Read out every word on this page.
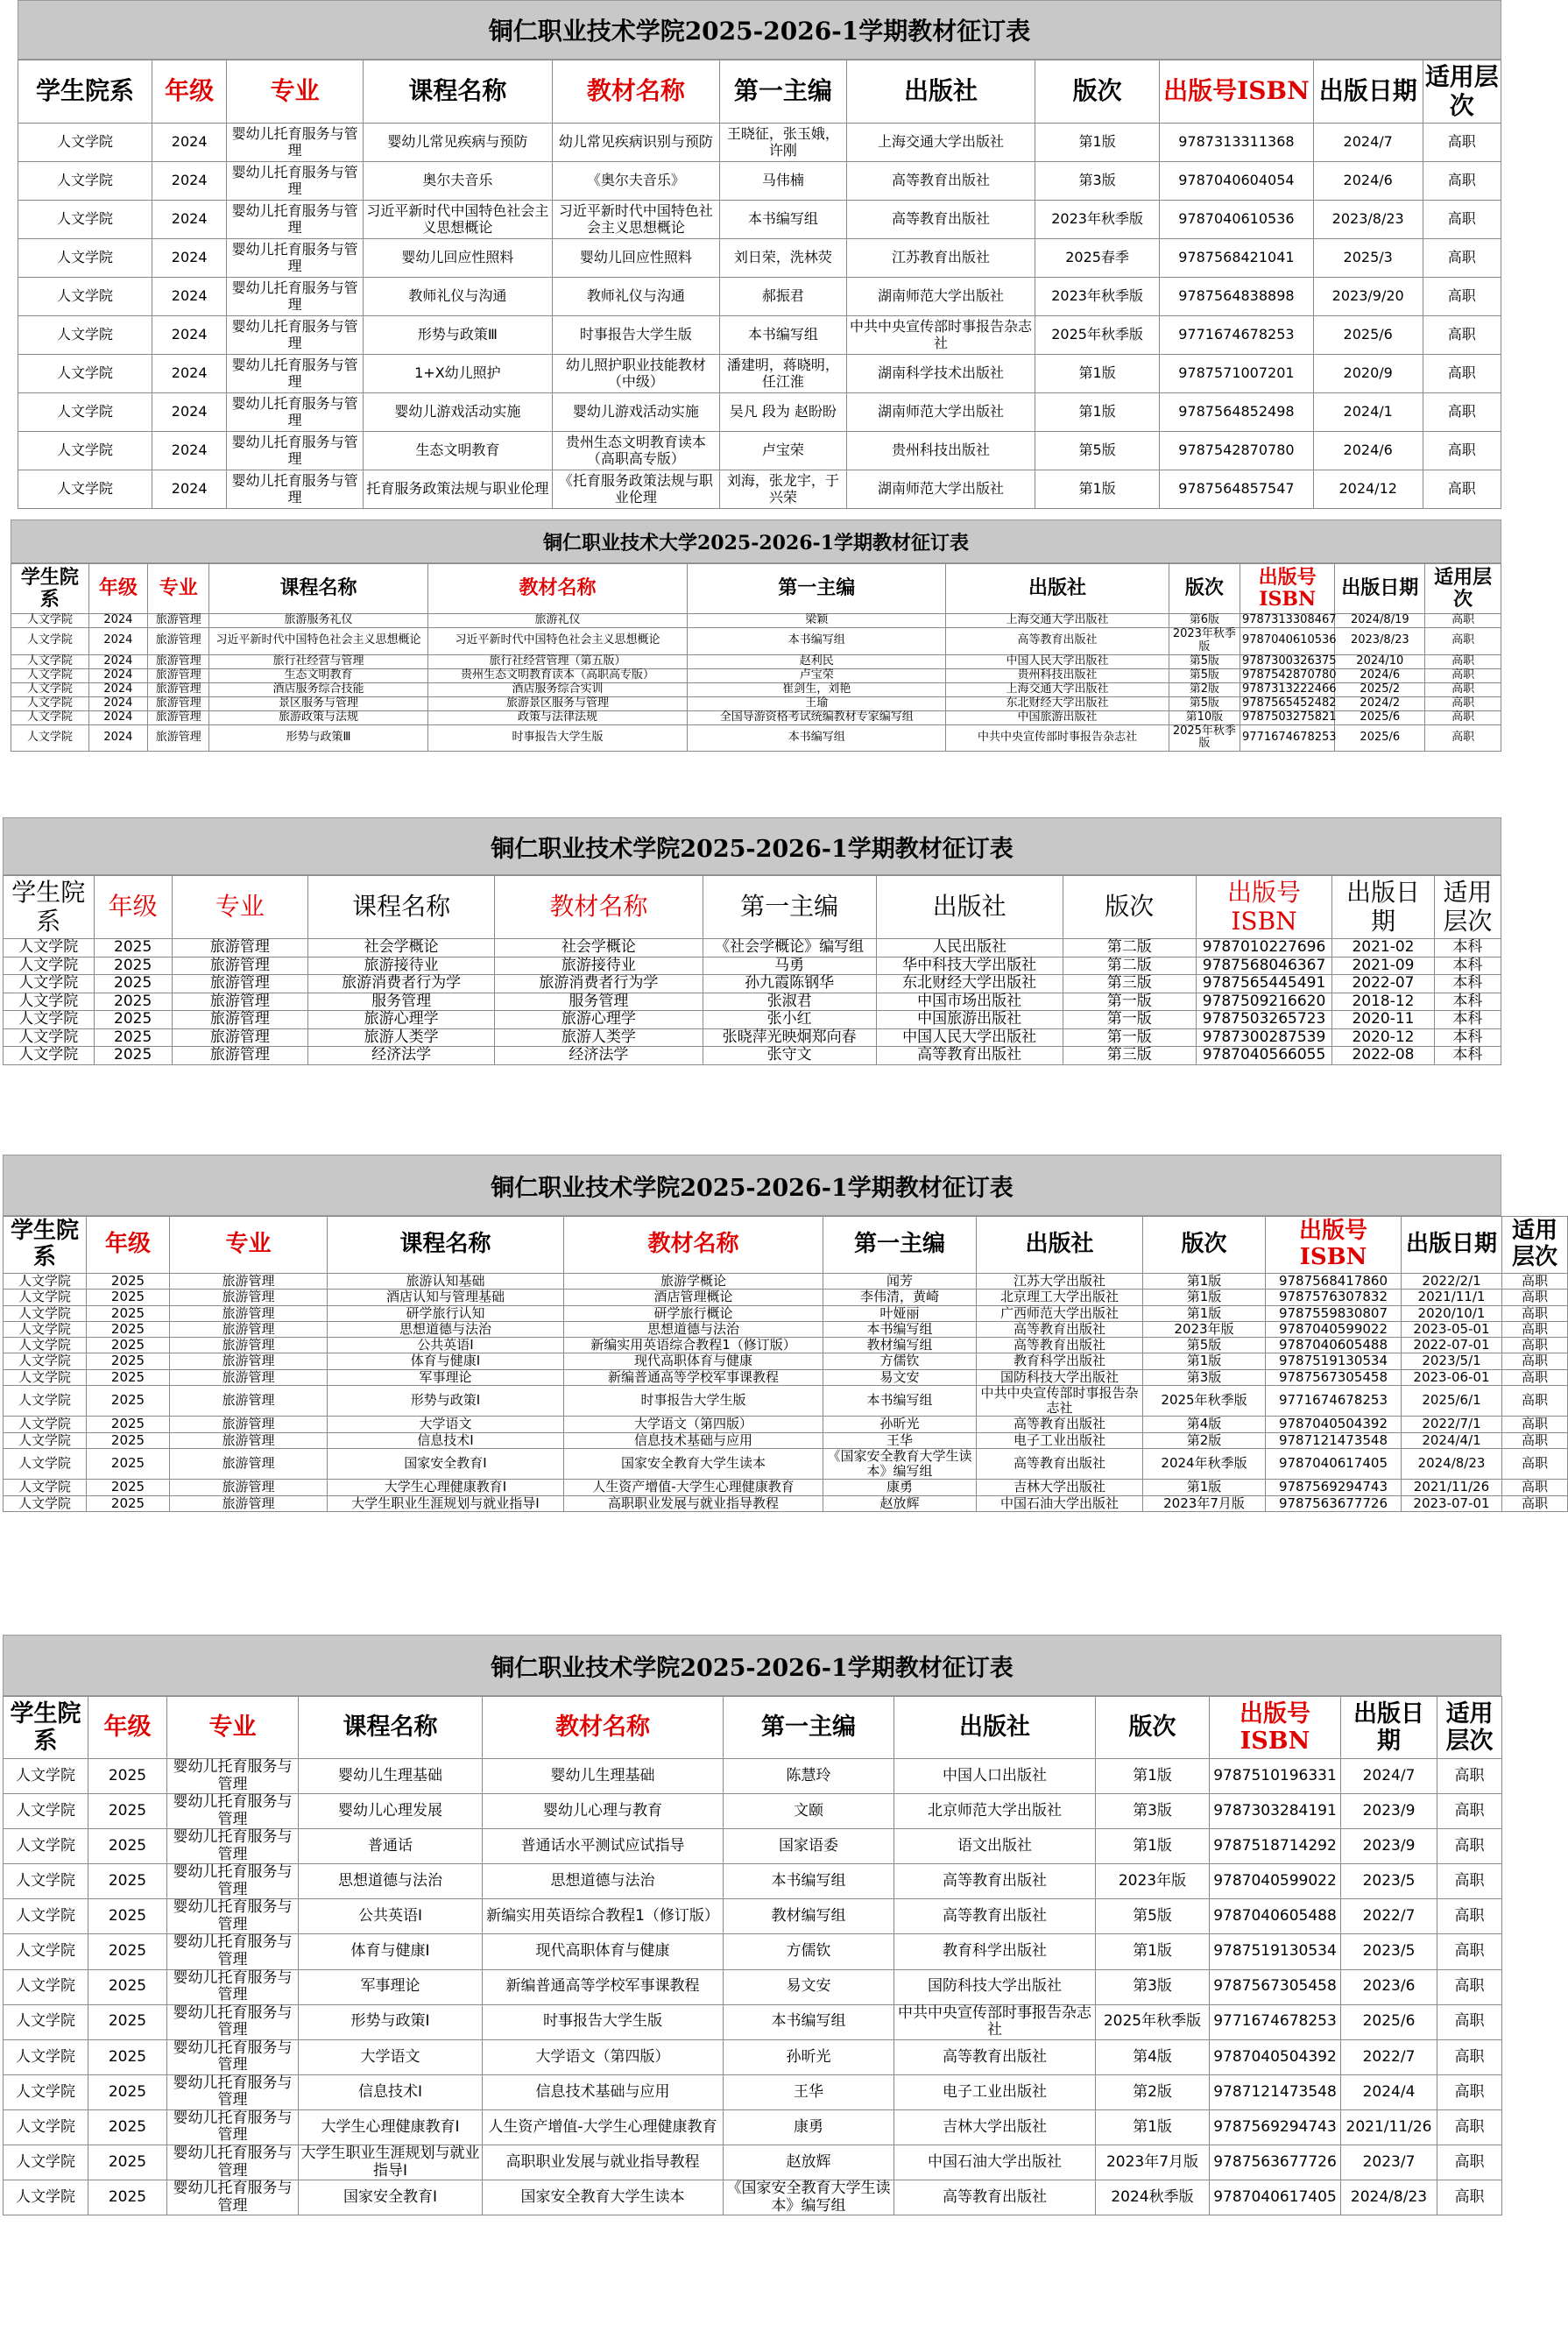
铜仁职业技术学院2025-2026-1学期教材征订表
学生院系	年级	专业	课程名称	教材名称	第一主编	出版社	版次	出版号ISBN	出版日期	适用层次
人文学院	2024	婴幼儿托育服务与管理	婴幼儿常见疾病与预防	幼儿常见疾病识别与预防	王晓征，张玉娥，许刚	上海交通大学出版社	第1版	9787313311368	2024/7	高职
人文学院	2024	婴幼儿托育服务与管理	奥尔夫音乐	《奥尔夫音乐》	马伟楠	高等教育出版社	第3版	9787040604054	2024/6	高职
人文学院	2024	婴幼儿托育服务与管理	习近平新时代中国特色社会主义思想概论	习近平新时代中国特色社会主义思想概论	本书编写组	高等教育出版社	2023年秋季版	9787040610536	2023/8/23	高职
人文学院	2024	婴幼儿托育服务与管理	婴幼儿回应性照料	婴幼儿回应性照料	刘日荣，洗林荧	江苏教育出版社	2025春季	9787568421041	2025/3	高职
人文学院	2024	婴幼儿托育服务与管理	教师礼仪与沟通	教师礼仪与沟通	郝振君	湖南师范大学出版社	2023年秋季版	9787564838898	2023/9/20	高职
人文学院	2024	婴幼儿托育服务与管理	形势与政策Ⅲ	时事报告大学生版	本书编写组	中共中央宣传部时事报告杂志社	2025年秋季版	9771674678253	2025/6	高职
人文学院	2024	婴幼儿托育服务与管理	1+X幼儿照护	幼儿照护职业技能教材（中级）	潘建明，蒋晓明，任江淮	湖南科学技术出版社	第1版	9787571007201	2020/9	高职
人文学院	2024	婴幼儿托育服务与管理	婴幼儿游戏活动实施	婴幼儿游戏活动实施	吴凡 段为 赵盼盼	湖南师范大学出版社	第1版	9787564852498	2024/1	高职
人文学院	2024	婴幼儿托育服务与管理	生态文明教育	贵州生态文明教育读本（高职高专版）	卢宝荣	贵州科技出版社	第5版	9787542870780	2024/6	高职
人文学院	2024	婴幼儿托育服务与管理	托育服务政策法规与职业伦理	《托育服务政策法规与职业伦理	刘海，张龙宇，于兴荣	湖南师范大学出版社	第1版	9787564857547	2024/12	高职
铜仁职业技术大学2025-2026-1学期教材征订表
学生院系	年级	专业	课程名称	教材名称	第一主编	出版社	版次	出版号ISBN	出版日期	适用层次
人文学院	2024	旅游管理	旅游服务礼仪	旅游礼仪	梁颖	上海交通大学出版社	第6版	9787313308467	2024/8/19	高职
人文学院	2024	旅游管理	习近平新时代中国特色社会主义思想概论	习近平新时代中国特色社会主义思想概论	本书编写组	高等教育出版社	2023年秋季版	9787040610536	2023/8/23	高职
人文学院	2024	旅游管理	旅行社经营与管理	旅行社经营管理（第五版）	赵利民	中国人民大学出版社	第5版	9787300326375	2024/10	高职
人文学院	2024	旅游管理	生态文明教育	贵州生态文明教育读本（高职高专版）	卢宝荣	贵州科技出版社	第5版	9787542870780	2024/6	高职
人文学院	2024	旅游管理	酒店服务综合技能	酒店服务综合实训	崔剑生，刘艳	上海交通大学出版社	第2版	9787313222466	2025/2	高职
人文学院	2024	旅游管理	景区服务与管理	旅游景区服务与管理	王瑜	东北财经大学出版社	第5版	9787565452482	2024/2	高职
人文学院	2024	旅游管理	旅游政策与法规	政策与法律法规	全国导游资格考试统编教材专家编写组	中国旅游出版社	第10版	9787503275821	2025/6	高职
人文学院	2024	旅游管理	形势与政策Ⅲ	时事报告大学生版	本书编写组	中共中央宣传部时事报告杂志社	2025年秋季版	9771674678253	2025/6	高职
铜仁职业技术学院2025-2026-1学期教材征订表
学生院系	年级	专业	课程名称	教材名称	第一主编	出版社	版次	出版号ISBN	出版日期	适用层次
人文学院	2025	旅游管理	社会学概论	社会学概论	《社会学概论》编写组	人民出版社	第二版	9787010227696	2021-02	本科
人文学院	2025	旅游管理	旅游接待业	旅游接待业	马勇	华中科技大学出版社	第二版	9787568046367	2021-09	本科
人文学院	2025	旅游管理	旅游消费者行为学	旅游消费者行为学	孙九霞陈钢华	东北财经大学出版社	第三版	9787565445491	2022-07	本科
人文学院	2025	旅游管理	服务管理	服务管理	张淑君	中国市场出版社	第一版	9787509216620	2018-12	本科
人文学院	2025	旅游管理	旅游心理学	旅游心理学	张小红	中国旅游出版社	第一版	9787503265723	2020-11	本科
人文学院	2025	旅游管理	旅游人类学	旅游人类学	张晓萍光映炯郑向春	中国人民大学出版社	第一版	9787300287539	2020-12	本科
人文学院	2025	旅游管理	经济法学	经济法学	张守文	高等教育出版社	第三版	9787040566055	2022-08	本科
铜仁职业技术学院2025-2026-1学期教材征订表
学生院系	年级	专业	课程名称	教材名称	第一主编	出版社	版次	出版号ISBN	出版日期	适用层次
人文学院	2025	旅游管理	旅游认知基础	旅游学概论	闻芳	江苏大学出版社	第1版	9787568417860	2022/2/1	高职
人文学院	2025	旅游管理	酒店认知与管理基础	酒店管理概论	李伟清，黄崎	北京理工大学出版社	第1版	9787576307832	2021/11/1	高职
人文学院	2025	旅游管理	研学旅行认知	研学旅行概论	叶娅丽	广西师范大学出版社	第1版	9787559830807	2020/10/1	高职
人文学院	2025	旅游管理	思想道德与法治	思想道德与法治	本书编写组	高等教育出版社	2023年版	9787040599022	2023-05-01	高职
人文学院	2025	旅游管理	公共英语Ⅰ	新编实用英语综合教程1（修订版）	教材编写组	高等教育出版社	第5版	9787040605488	2022-07-01	高职
人文学院	2025	旅游管理	体育与健康Ⅰ	现代高职体育与健康	方儒钦	教育科学出版社	第1版	9787519130534	2023/5/1	高职
人文学院	2025	旅游管理	军事理论	新编普通高等学校军事课教程	易文安	国防科技大学出版社	第3版	9787567305458	2023-06-01	高职
人文学院	2025	旅游管理	形势与政策Ⅰ	时事报告大学生版	本书编写组	中共中央宣传部时事报告杂志社	2025年秋季版	9771674678253	2025/6/1	高职
人文学院	2025	旅游管理	大学语文	大学语文（第四版）	孙昕光	高等教育出版社	第4版	9787040504392	2022/7/1	高职
人文学院	2025	旅游管理	信息技术Ⅰ	信息技术基础与应用	王华	电子工业出版社	第2版	9787121473548	2024/4/1	高职
人文学院	2025	旅游管理	国家安全教育Ⅰ	国家安全教育大学生读本	《国家安全教育大学生读本》编写组	高等教育出版社	2024年秋季版	9787040617405	2024/8/23	高职
人文学院	2025	旅游管理	大学生心理健康教育Ⅰ	人生资产增值-大学生心理健康教育	康勇	吉林大学出版社	第1版	9787569294743	2021/11/26	高职
人文学院	2025	旅游管理	大学生职业生涯规划与就业指导Ⅰ	高职职业发展与就业指导教程	赵放辉	中国石油大学出版社	2023年7月版	9787563677726	2023-07-01	高职
铜仁职业技术学院2025-2026-1学期教材征订表
学生院系	年级	专业	课程名称	教材名称	第一主编	出版社	版次	出版号ISBN	出版日期	适用层次
人文学院	2025	婴幼儿托育服务与管理	婴幼儿生理基础	婴幼儿生理基础	陈慧玲	中国人口出版社	第1版	9787510196331	2024/7	高职
人文学院	2025	婴幼儿托育服务与管理	婴幼儿心理发展	婴幼儿心理与教育	文颐	北京师范大学出版社	第3版	9787303284191	2023/9	高职
人文学院	2025	婴幼儿托育服务与管理	普通话	普通话水平测试应试指导	国家语委	语文出版社	第1版	9787518714292	2023/9	高职
人文学院	2025	婴幼儿托育服务与管理	思想道德与法治	思想道德与法治	本书编写组	高等教育出版社	2023年版	9787040599022	2023/5	高职
人文学院	2025	婴幼儿托育服务与管理	公共英语Ⅰ	新编实用英语综合教程1（修订版）	教材编写组	高等教育出版社	第5版	9787040605488	2022/7	高职
人文学院	2025	婴幼儿托育服务与管理	体育与健康Ⅰ	现代高职体育与健康	方儒钦	教育科学出版社	第1版	9787519130534	2023/5	高职
人文学院	2025	婴幼儿托育服务与管理	军事理论	新编普通高等学校军事课教程	易文安	国防科技大学出版社	第3版	9787567305458	2023/6	高职
人文学院	2025	婴幼儿托育服务与管理	形势与政策Ⅰ	时事报告大学生版	本书编写组	中共中央宣传部时事报告杂志社	2025年秋季版	9771674678253	2025/6	高职
人文学院	2025	婴幼儿托育服务与管理	大学语文	大学语文（第四版）	孙昕光	高等教育出版社	第4版	9787040504392	2022/7	高职
人文学院	2025	婴幼儿托育服务与管理	信息技术Ⅰ	信息技术基础与应用	王华	电子工业出版社	第2版	9787121473548	2024/4	高职
人文学院	2025	婴幼儿托育服务与管理	大学生心理健康教育Ⅰ	人生资产增值-大学生心理健康教育	康勇	吉林大学出版社	第1版	9787569294743	2021/11/26	高职
人文学院	2025	婴幼儿托育服务与管理	大学生职业生涯规划与就业指导Ⅰ	高职职业发展与就业指导教程	赵放辉	中国石油大学出版社	2023年7月版	9787563677726	2023/7	高职
人文学院	2025	婴幼儿托育服务与管理	国家安全教育Ⅰ	国家安全教育大学生读本	《国家安全教育大学生读本》编写组	高等教育出版社	2024秋季版	9787040617405	2024/8/23	高职
